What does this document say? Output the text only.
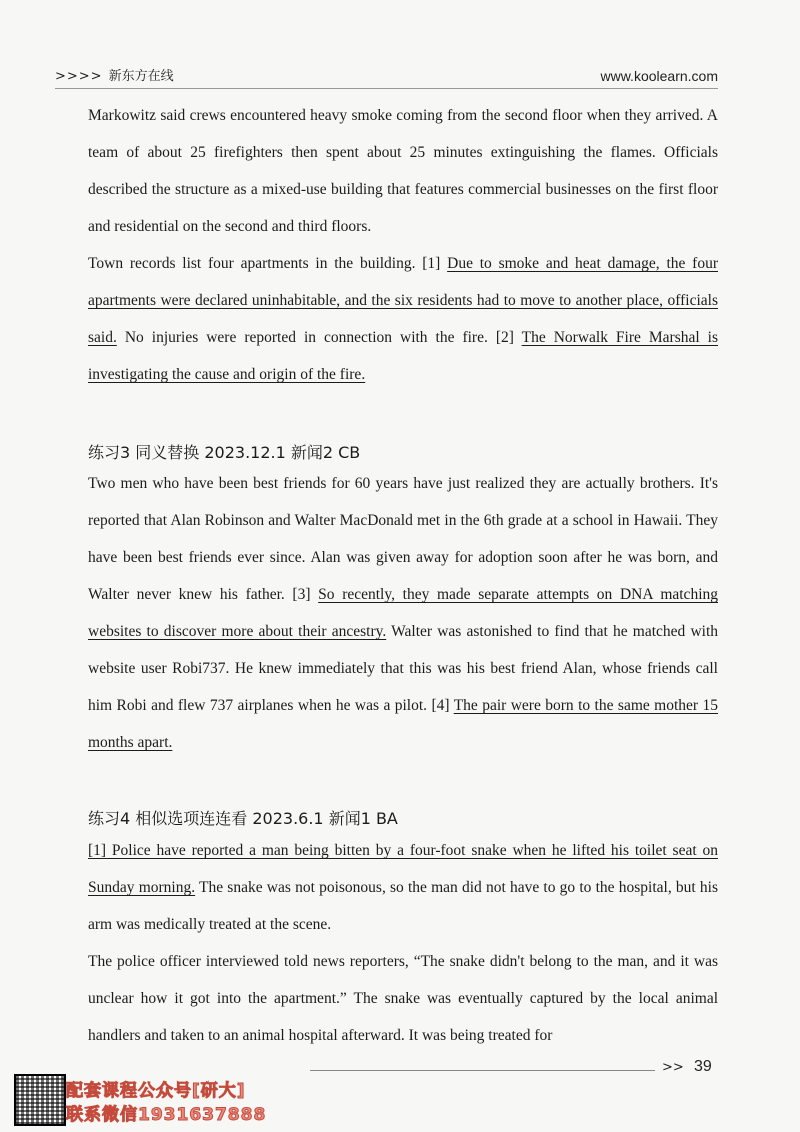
>>>> 新东方在线	www.koolearn.com
Markowitz said crews encountered heavy smoke coming from the second floor when they arrived. A team of about 25 firefighters then spent about 25 minutes extinguishing the flames. Officials described the structure as a mixed-use building that features commercial businesses on the first floor and residential on the second and third floors.
Town records list four apartments in the building. [1] Due to smoke and heat damage, the four apartments were declared uninhabitable, and the six residents had to move to another place, officials said. No injuries were reported in connection with the fire. [2] The Norwalk Fire Marshal is investigating the cause and origin of the fire.
练习3 同义替换 2023.12.1 新闻2 CB
Two men who have been best friends for 60 years have just realized they are actually brothers. It's reported that Alan Robinson and Walter MacDonald met in the 6th grade at a school in Hawaii. They have been best friends ever since. Alan was given away for adoption soon after he was born, and Walter never knew his father. [3] So recently, they made separate attempts on DNA matching websites to discover more about their ancestry. Walter was astonished to find that he matched with website user Robi737. He knew immediately that this was his best friend Alan, whose friends call him Robi and flew 737 airplanes when he was a pilot. [4] The pair were born to the same mother 15 months apart.
练习4 相似选项连连看 2023.6.1 新闻1 BA
[1] Police have reported a man being bitten by a four-foot snake when he lifted his toilet seat on Sunday morning. The snake was not poisonous, so the man did not have to go to the hospital, but his arm was medically treated at the scene.
The police officer interviewed told news reporters, “The snake didn't belong to the man, and it was unclear how it got into the apartment.” The snake was eventually captured by the local animal handlers and taken to an animal hospital afterward. It was being treated for
>> 39
配套课程公众号[研大]
联系微信1931637888
